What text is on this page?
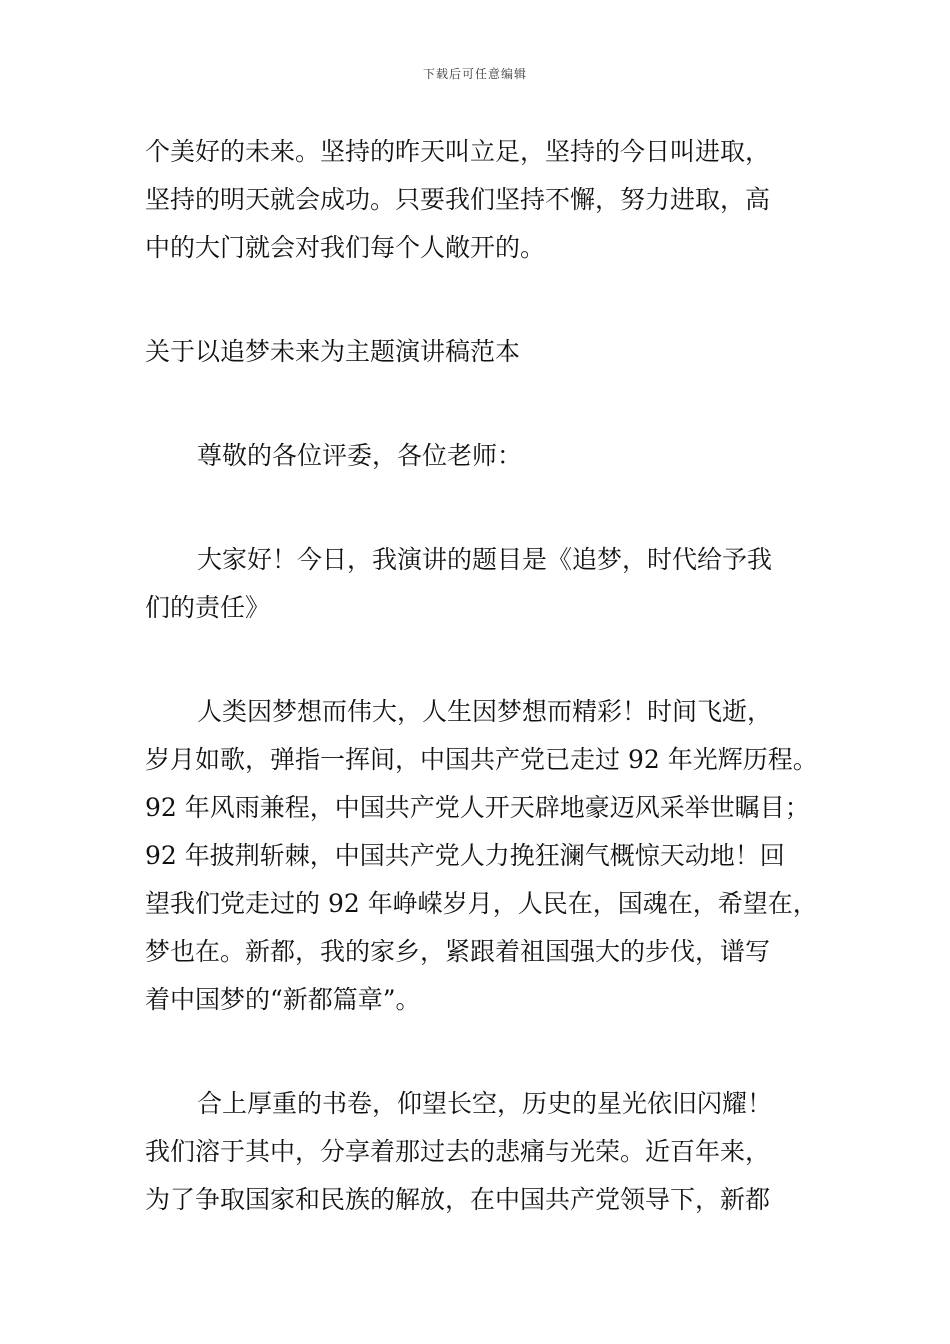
下载后可任意编辑
个美好的未来。坚持的昨天叫立足，坚持的今日叫进取，
坚持的明天就会成功。只要我们坚持不懈，努力进取，高
中的大门就会对我们每个人敞开的。
关于以追梦未来为主题演讲稿范本
尊敬的各位评委，各位老师：
大家好！今日，我演讲的题目是《追梦，时代给予我
们的责任》
人类因梦想而伟大，人生因梦想而精彩！时间飞逝，
岁月如歌，弹指一挥间，中国共产党已走过 92 年光辉历程。
92 年风雨兼程，中国共产党人开天辟地豪迈风采举世瞩目；
92 年披荆斩棘，中国共产党人力挽狂澜气概惊天动地！回
望我们党走过的 92 年峥嵘岁月，人民在，国魂在，希望在，
梦也在。新都，我的家乡，紧跟着祖国强大的步伐，谱写
着中国梦的“新都篇章”。
合上厚重的书卷，仰望长空，历史的星光依旧闪耀！
我们溶于其中，分享着那过去的悲痛与光荣。近百年来，
为了争取国家和民族的解放，在中国共产党领导下，新都
